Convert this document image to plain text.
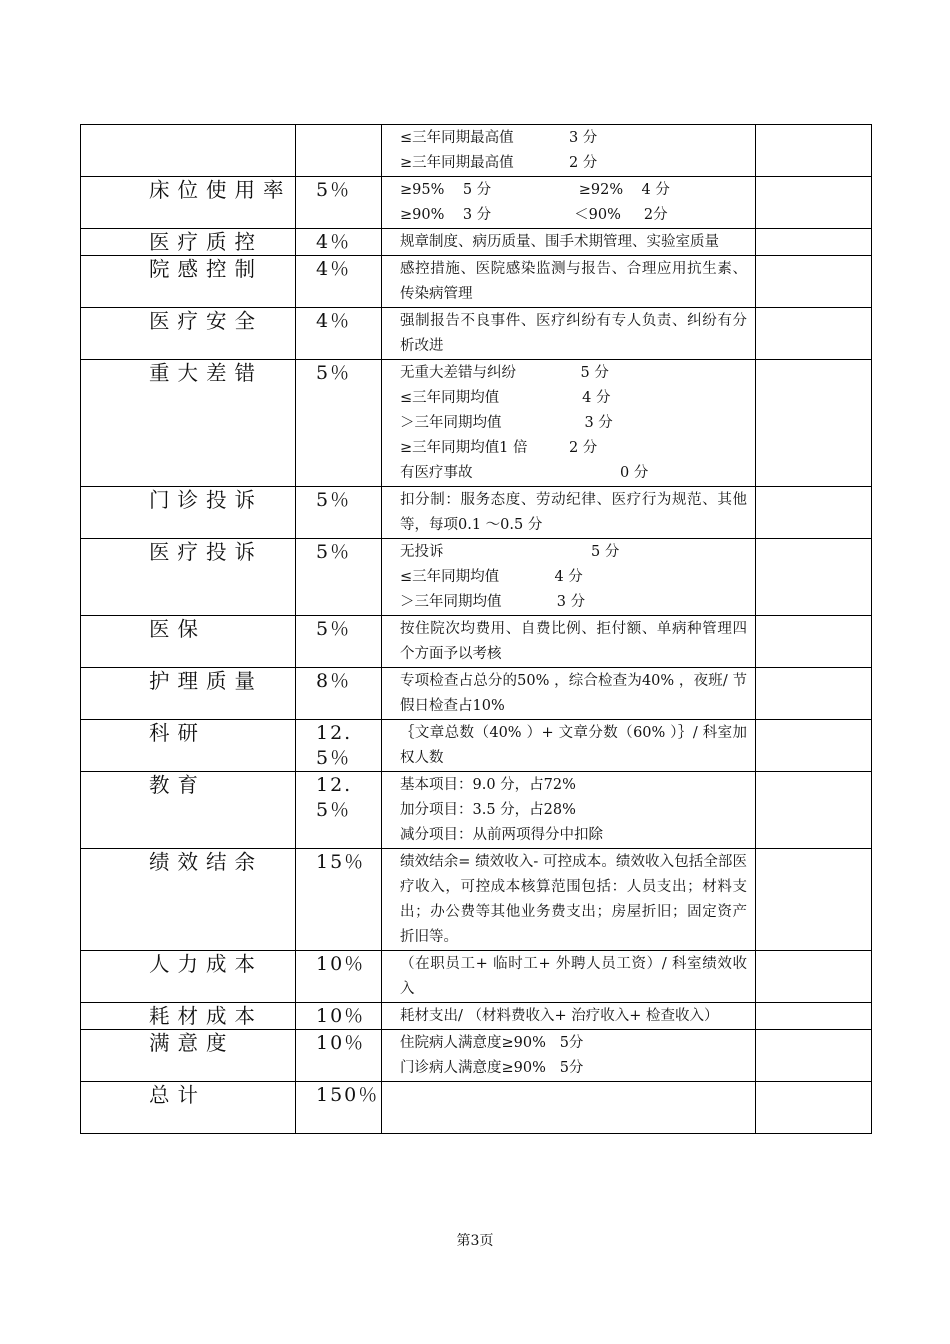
		≤三年同期最高值            3 分
≥三年同期最高值            2 分	

床位使用率	5％	≥95%    5 分                   ≥92%    4 分
≥90%    3 分                  ＜90%     2分	

医疗质控	4％	规章制度、病历质量、围手术期管理、实验室质量	

院感控制	4％	感控措施、医院感染监测与报告、合理应用抗生素、传染病管理	

医疗安全	4％	强制报告不良事件、医疗纠纷有专人负责、纠纷有分析改进	

重大差错	5％	无重大差错与纠纷              5 分
≤三年同期均值                  4 分
＞三年同期均值                  3 分
≥三年同期均值1 倍         2 分
有医疗事故                                0 分	

门诊投诉	5％	扣分制：服务态度、劳动纪律、医疗行为规范、其他等，每项0.1 ～0.5 分	

医疗投诉	5％	无投诉                                5 分
≤三年同期均值            4 分
＞三年同期均值            3 分	

医保	5％	按住院次均费用、自费比例、拒付额、单病种管理四个方面予以考核	

护理质量	8％	专项检查占总分的50% ，综合检查为40% ，夜班/ 节假日检查占10%	

科研	12.5％	｛文章总数（40% ）+ 文章分数（60% ）｝/ 科室加权人数	

教育	12.5％	基本项目：9.0 分，占72%
加分项目：3.5 分，占28%
减分项目：从前两项得分中扣除	

绩效结余	15％	绩效结余= 绩效收入- 可控成本。绩效收入包括全部医疗收入，可控成本核算范围包括：人员支出；材料支出；办公费等其他业务费支出；房屋折旧；固定资产折旧等。	

人力成本	10％	（在职员工+ 临时工+ 外聘人员工资）/ 科室绩效收入	

耗材成本	10％	耗材支出/ （材料费收入+ 治疗收入+ 检查收入）	

满意度	10％	住院病人满意度≥90%   5分
门诊病人满意度≥90%   5分	

总计	150％	

第3页
